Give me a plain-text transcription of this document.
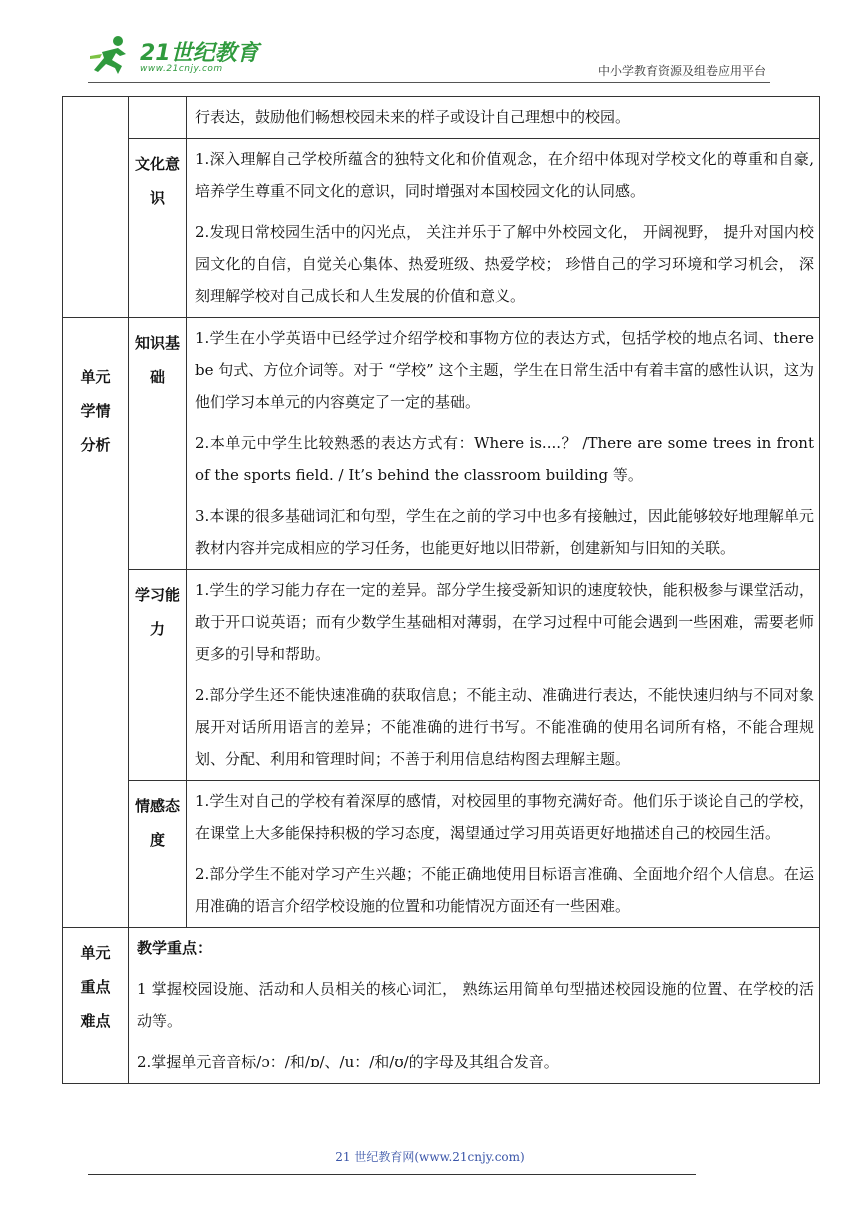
21世纪教育
www.21cnjy.com	中小学教育资源及组卷应用平台

		行表达，鼓励他们畅想校园未来的样子或设计自己理想中的校园。

	文化意识	1.深入理解自己学校所蕴含的独特文化和价值观念，在介绍中体现对学校文化的尊重和自豪,培养学生尊重不同文化的意识，同时增强对本国校园文化的认同感。

2.发现日常校园生活中的闪光点， 关注并乐于了解中外校园文化， 开阔视野， 提升对国内校园文化的自信，自觉关心集体、热爱班级、热爱学校； 珍惜自己的学习环境和学习机会， 深刻理解学校对自己成长和人生发展的价值和意义。

单元学情分析	知识基础	1.学生在小学英语中已经学过介绍学校和事物方位的表达方式，包括学校的地点名词、there be 句式、方位介词等。对于 “学校” 这个主题，学生在日常生活中有着丰富的感性认识，这为他们学习本单元的内容奠定了一定的基础。

2.本单元中学生比较熟悉的表达方式有：Where is....？ /There are some trees in front of the sports field. / It’s behind the classroom building 等。

3.本课的很多基础词汇和句型，学生在之前的学习中也多有接触过，因此能够较好地理解单元教材内容并完成相应的学习任务，也能更好地以旧带新，创建新知与旧知的关联。

	学习能力	1.学生的学习能力存在一定的差异。部分学生接受新知识的速度较快，能积极参与课堂活动，敢于开口说英语；而有少数学生基础相对薄弱，在学习过程中可能会遇到一些困难，需要老师更多的引导和帮助。

2.部分学生还不能快速准确的获取信息；不能主动、准确进行表达，不能快速归纳与不同对象展开对话所用语言的差异；不能准确的进行书写。不能准确的使用名词所有格，不能合理规划、分配、利用和管理时间；不善于利用信息结构图去理解主题。

	情感态度	1.学生对自己的学校有着深厚的感情，对校园里的事物充满好奇。他们乐于谈论自己的学校，在课堂上大多能保持积极的学习态度，渴望通过学习用英语更好地描述自己的校园生活。

2.部分学生不能对学习产生兴趣；不能正确地使用目标语言准确、全面地介绍个人信息。在运用准确的语言介绍学校设施的位置和功能情况方面还有一些困难。

单元重点难点	教学重点：

1 掌握校园设施、活动和人员相关的核心词汇， 熟练运用简单句型描述校园设施的位置、在学校的活动等。

2.掌握单元音音标/ɔ：/和/ɒ/、/u：/和/ʊ/的字母及其组合发音。	

21 世纪教育网(www.21cnjy.com)
